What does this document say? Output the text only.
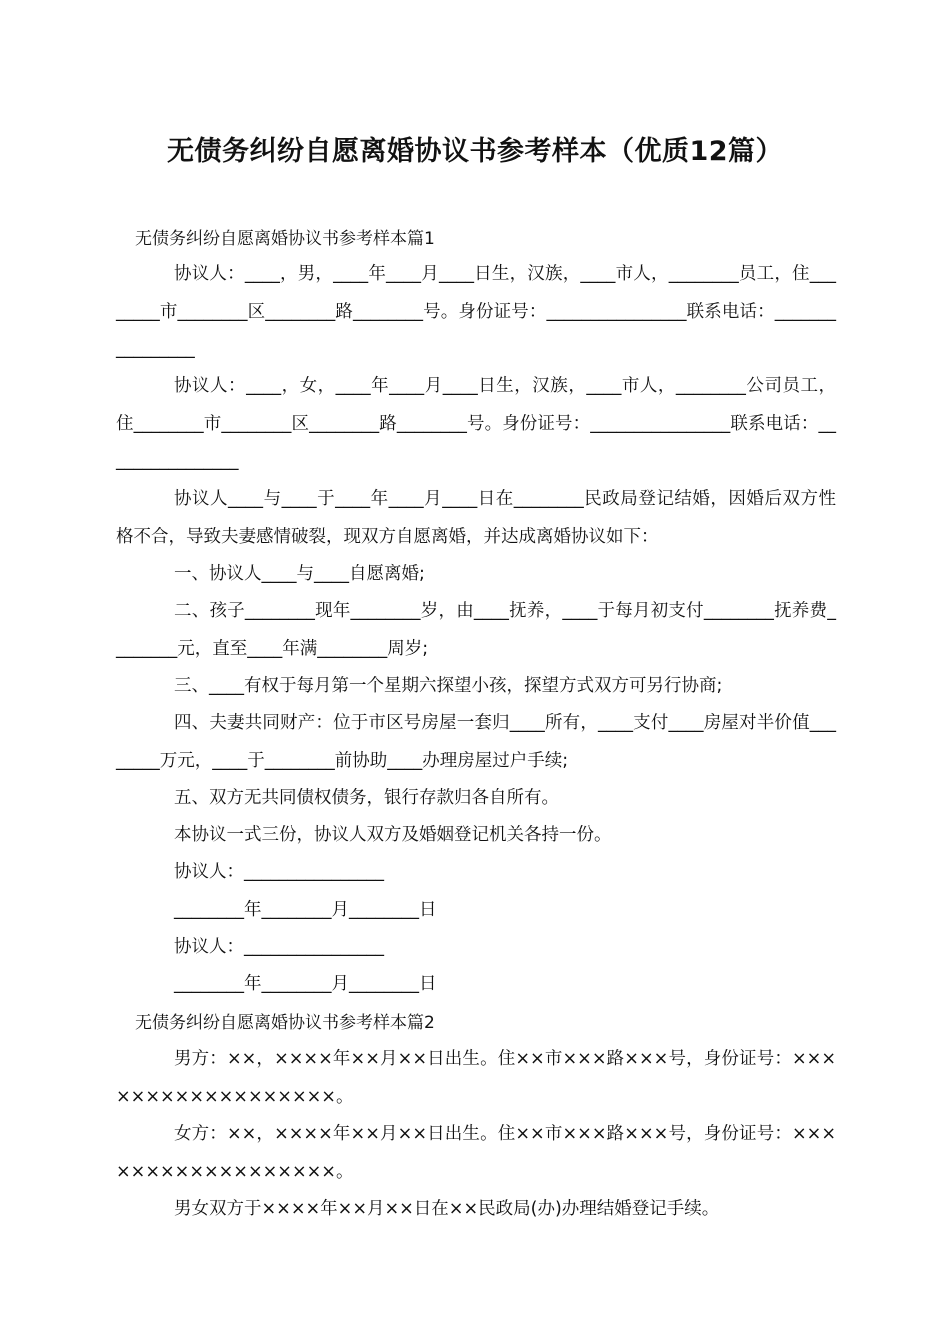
无债务纠纷自愿离婚协议书参考样本（优质12篇）
无债务纠纷自愿离婚协议书参考样本篇1
协议人：____，男，____年____月____日生，汉族，____市人，________员工，住________市________区________路________号。身份证号：________________联系电话：________________
协议人：____，女，____年____月____日生，汉族，____市人，________公司员工，住________市________区________路________号。身份证号：________________联系电话：________________
协议人____与____于____年____月____日在________民政局登记结婚，因婚后双方性格不合，导致夫妻感情破裂，现双方自愿离婚，并达成离婚协议如下：
一、协议人____与____自愿离婚;
二、孩子________现年________岁，由____抚养，____于每月初支付________抚养费________元，直至____年满________周岁;
三、____有权于每月第一个星期六探望小孩，探望方式双方可另行协商;
四、夫妻共同财产：位于市区号房屋一套归____所有，____支付____房屋对半价值________万元，____于________前协助____办理房屋过户手续;
五、双方无共同债权债务，银行存款归各自所有。
本协议一式三份，协议人双方及婚姻登记机关各持一份。
协议人：________________
________年________月________日
协议人：________________
________年________月________日
无债务纠纷自愿离婚协议书参考样本篇2
男方：××，××××年××月××日出生。住××市×××路×××号，身份证号：××××××××××××××××××。
女方：××，××××年××月××日出生。住××市×××路×××号，身份证号：××××××××××××××××××。
男女双方于××××年××月××日在××民政局(办)办理结婚登记手续。
